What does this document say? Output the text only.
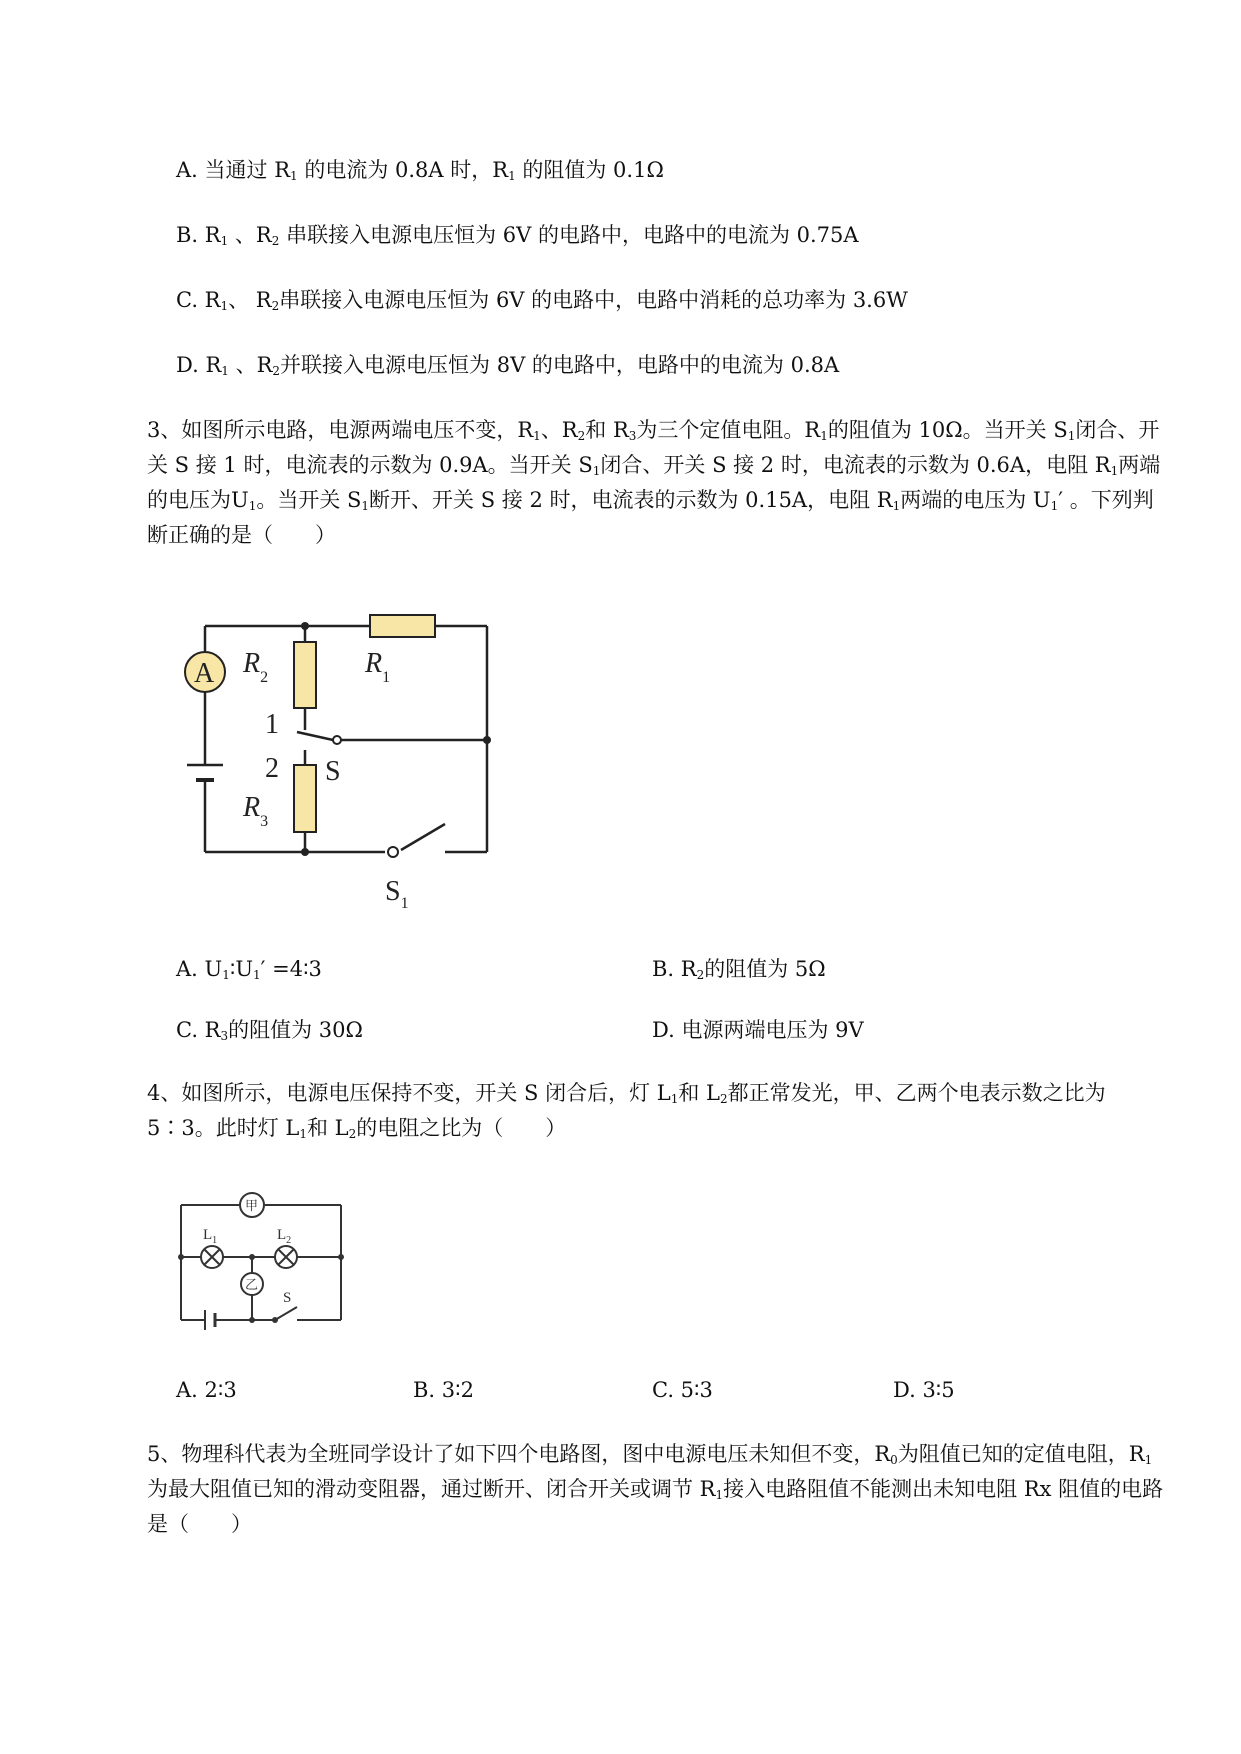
A. 当通过 $R_1$ 的电流为 0.8A 时，$R_1$ 的阻值为 0.1Ω
B. $R_1$ 、$R_2$ 串联接入电源电压恒为 6V 的电路中，电路中的电流为 0.75A
C. $R_1$、 $R_2$串联接入电源电压恒为 6V 的电路中，电路中消耗的总功率为 3.6W
D. $R_1$ 、$R_2$并联接入电源电压恒为 8V 的电路中，电路中的电流为 0.8A
3、如图所示电路，电源两端电压不变，$R_1$、$R_2$和 $R_3$为三个定值电阻。$R_1$的阻值为 10Ω。当开关 $S_1$闭合、开关 S 接 1 时，电流表的示数为 0.9A。当开关 $S_1$闭合、开关 S 接 2 时，电流表的示数为 0.6A，电阻 $R_1$两端的电压为$U_1$。当开关 $S_1$断开、开关 S 接 2 时，电流表的示数为 0.15A，电阻 $R_1$两端的电压为 $U_1'$ 。下列判断正确的是（　　）
A $R_2$	$R_1$
1
2 S
$R_3$
$S_1$
A. $U_1∶U_1'$ =4∶3	B. $R_2$的阻值为 5Ω
C. $R_3$的阻值为 30Ω	D. 电源两端电压为 9V
4、如图所示，电源电压保持不变，开关 S 闭合后，灯 $L_1$和 $L_2$都正常发光，甲、乙两个电表示数之比为 5∶3。此时灯 $L_1$和 $L_2$的电阻之比为（　　）
甲
乙
$L_1$	$L_2$
S
A. 2∶3	B. 3∶2	C. 5∶3	D. 3∶5
5、物理科代表为全班同学设计了如下四个电路图，图中电源电压未知但不变，$R_0$为阻值已知的定值电阻，$R_1$为最大阻值已知的滑动变阻器，通过断开、闭合开关或调节 $R_1$接入电路阻值不能测出未知电阻 Rx 阻值的电路是（　　）
